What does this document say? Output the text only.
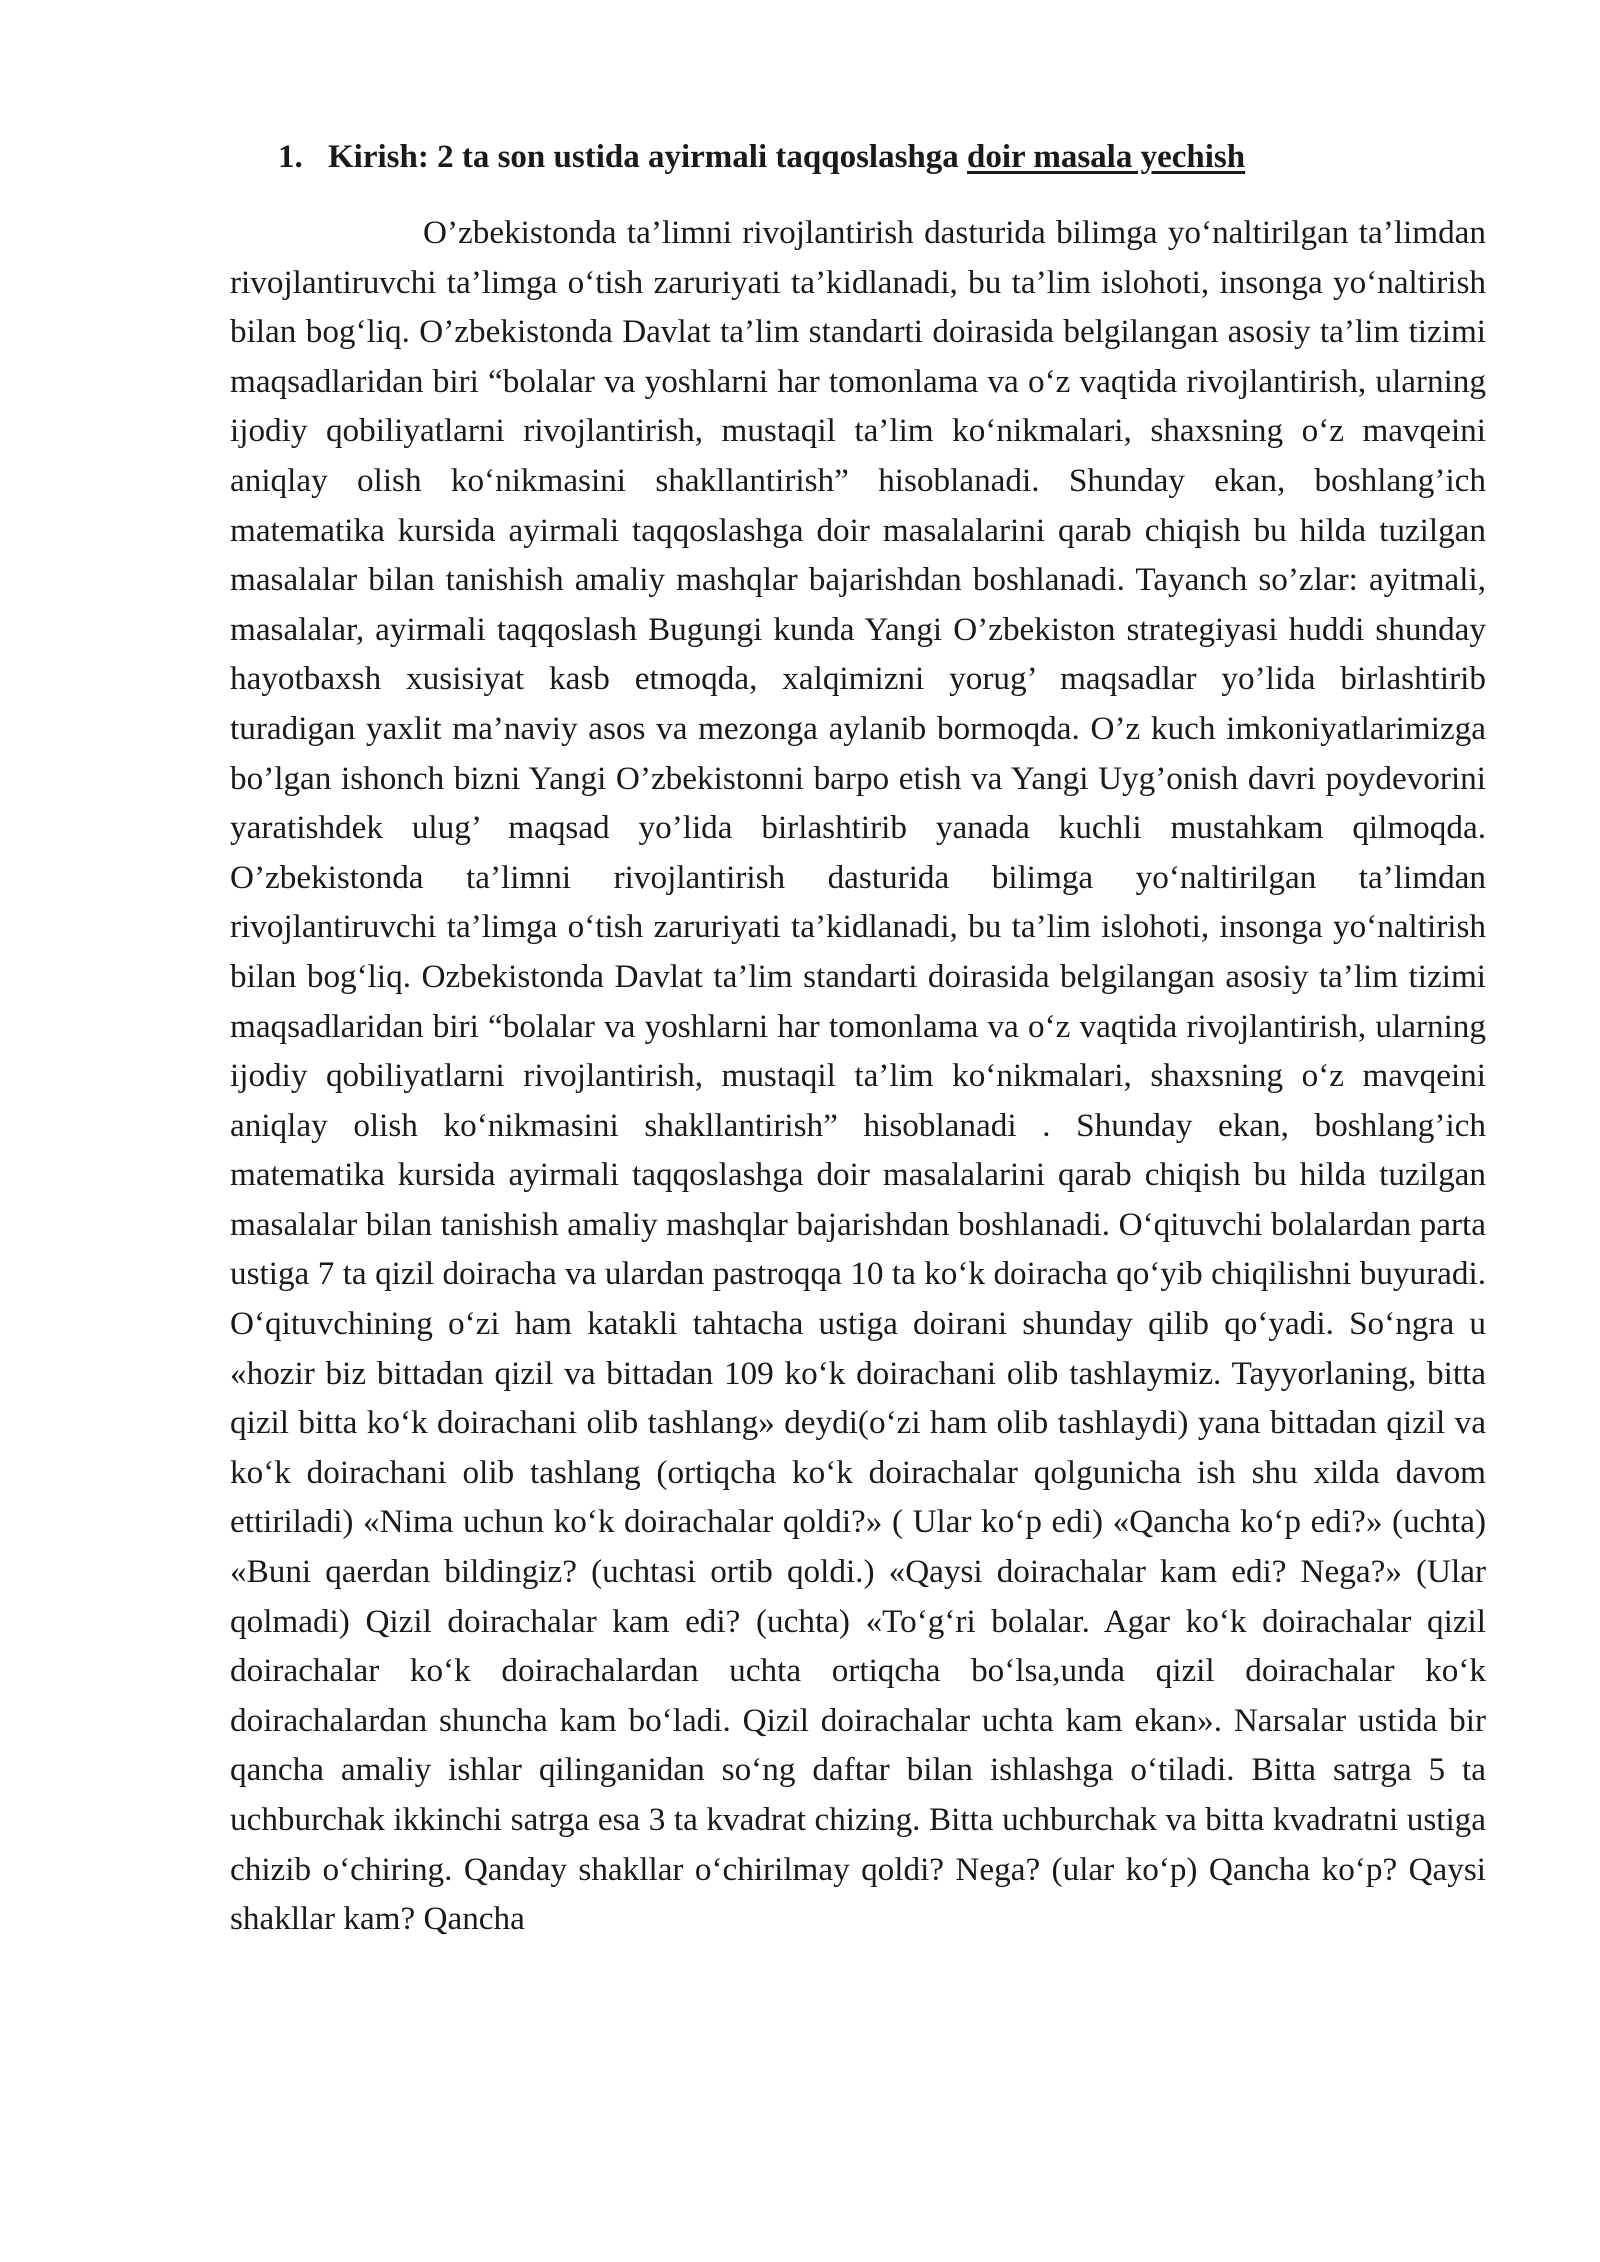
1. Kirish: 2 ta son ustida ayirmali taqqoslashga doir masala yechish

O’zbekistonda ta’limni rivojlantirish dasturida bilimga yo‘naltirilgan ta’limdan rivojlantiruvchi ta’limga o‘tish zaruriyati ta’kidlanadi, bu ta’lim islohoti, insonga yo‘naltirish bilan bog‘liq. O’zbekistonda Davlat ta’lim standarti doirasida belgilangan asosiy ta’lim tizimi maqsadlaridan biri “bolalar va yoshlarni har tomonlama va o‘z vaqtida rivojlantirish, ularning ijodiy qobiliyatlarni rivojlantirish, mustaqil ta’lim ko‘nikmalari, shaxsning o‘z mavqeini aniqlay olish ko‘nikmasini shakllantirish” hisoblanadi. Shunday ekan, boshlang’ich matematika kursida ayirmali taqqoslashga doir masalalarini qarab chiqish bu hilda tuzilgan masalalar bilan tanishish amaliy mashqlar bajarishdan boshlanadi. Tayanch so’zlar: ayitmali, masalalar, ayirmali taqqoslash Bugungi kunda Yangi O’zbekiston strategiyasi huddi shunday hayotbaxsh xusisiyat kasb etmoqda, xalqimizni yorug’ maqsadlar yo’lida birlashtirib turadigan yaxlit ma’naviy asos va mezonga aylanib bormoqda. O’z kuch imkoniyatlarimizga bo’lgan ishonch bizni Yangi O’zbekistonni barpo etish va Yangi Uyg’onish davri poydevorini yaratishdek ulug’ maqsad yo’lida birlashtirib yanada kuchli mustahkam qilmoqda. O’zbekistonda ta’limni rivojlantirish dasturida bilimga yo‘naltirilgan ta’limdan rivojlantiruvchi ta’limga o‘tish zaruriyati ta’kidlanadi, bu ta’lim islohoti, insonga yo‘naltirish bilan bog‘liq. Ozbekistonda Davlat ta’lim standarti doirasida belgilangan asosiy ta’lim tizimi maqsadlaridan biri “bolalar va yoshlarni har tomonlama va o‘z vaqtida rivojlantirish, ularning ijodiy qobiliyatlarni rivojlantirish, mustaqil ta’lim ko‘nikmalari, shaxsning o‘z mavqeini aniqlay olish ko‘nikmasini shakllantirish” hisoblanadi . Shunday ekan, boshlang’ich matematika kursida ayirmali taqqoslashga doir masalalarini qarab chiqish bu hilda tuzilgan masalalar bilan tanishish amaliy mashqlar bajarishdan boshlanadi. O‘qituvchi bolalardan parta ustiga 7 ta qizil doiracha va ulardan pastroqqa 10 ta ko‘k doiracha qo‘yib chiqilishni buyuradi. O‘qituvchining o‘zi ham katakli tahtacha ustiga doirani shunday qilib qo‘yadi. So‘ngra u «hozir biz bittadan qizil va bittadan 109 ko‘k doirachani olib tashlaymiz. Tayyorlaning, bitta qizil bitta ko‘k doirachani olib tashlang» deydi(o‘zi ham olib tashlaydi) yana bittadan qizil va ko‘k doirachani olib tashlang (ortiqcha ko‘k doirachalar qolgunicha ish shu xilda davom ettiriladi) «Nima uchun ko‘k doirachalar qoldi?» ( Ular ko‘p edi) «Qancha ko‘p edi?» (uchta) «Buni qaerdan bildingiz? (uchtasi ortib qoldi.) «Qaysi doirachalar kam edi? Nega?» (Ular qolmadi) Qizil doirachalar kam edi? (uchta) «To‘g‘ri bolalar. Agar ko‘k doirachalar qizil doirachalar ko‘k doirachalardan uchta ortiqcha bo‘lsa,unda qizil doirachalar ko‘k doirachalardan shuncha kam bo‘ladi. Qizil doirachalar uchta kam ekan». Narsalar ustida bir qancha amaliy ishlar qilinganidan so‘ng daftar bilan ishlashga o‘tiladi. Bitta satrga 5 ta uchburchak ikkinchi satrga esa 3 ta kvadrat chizing. Bitta uchburchak va bitta kvadratni ustiga chizib o‘chiring. Qanday shakllar o‘chirilmay qoldi? Nega? (ular ko‘p) Qancha ko‘p? Qaysi shakllar kam? Qancha
